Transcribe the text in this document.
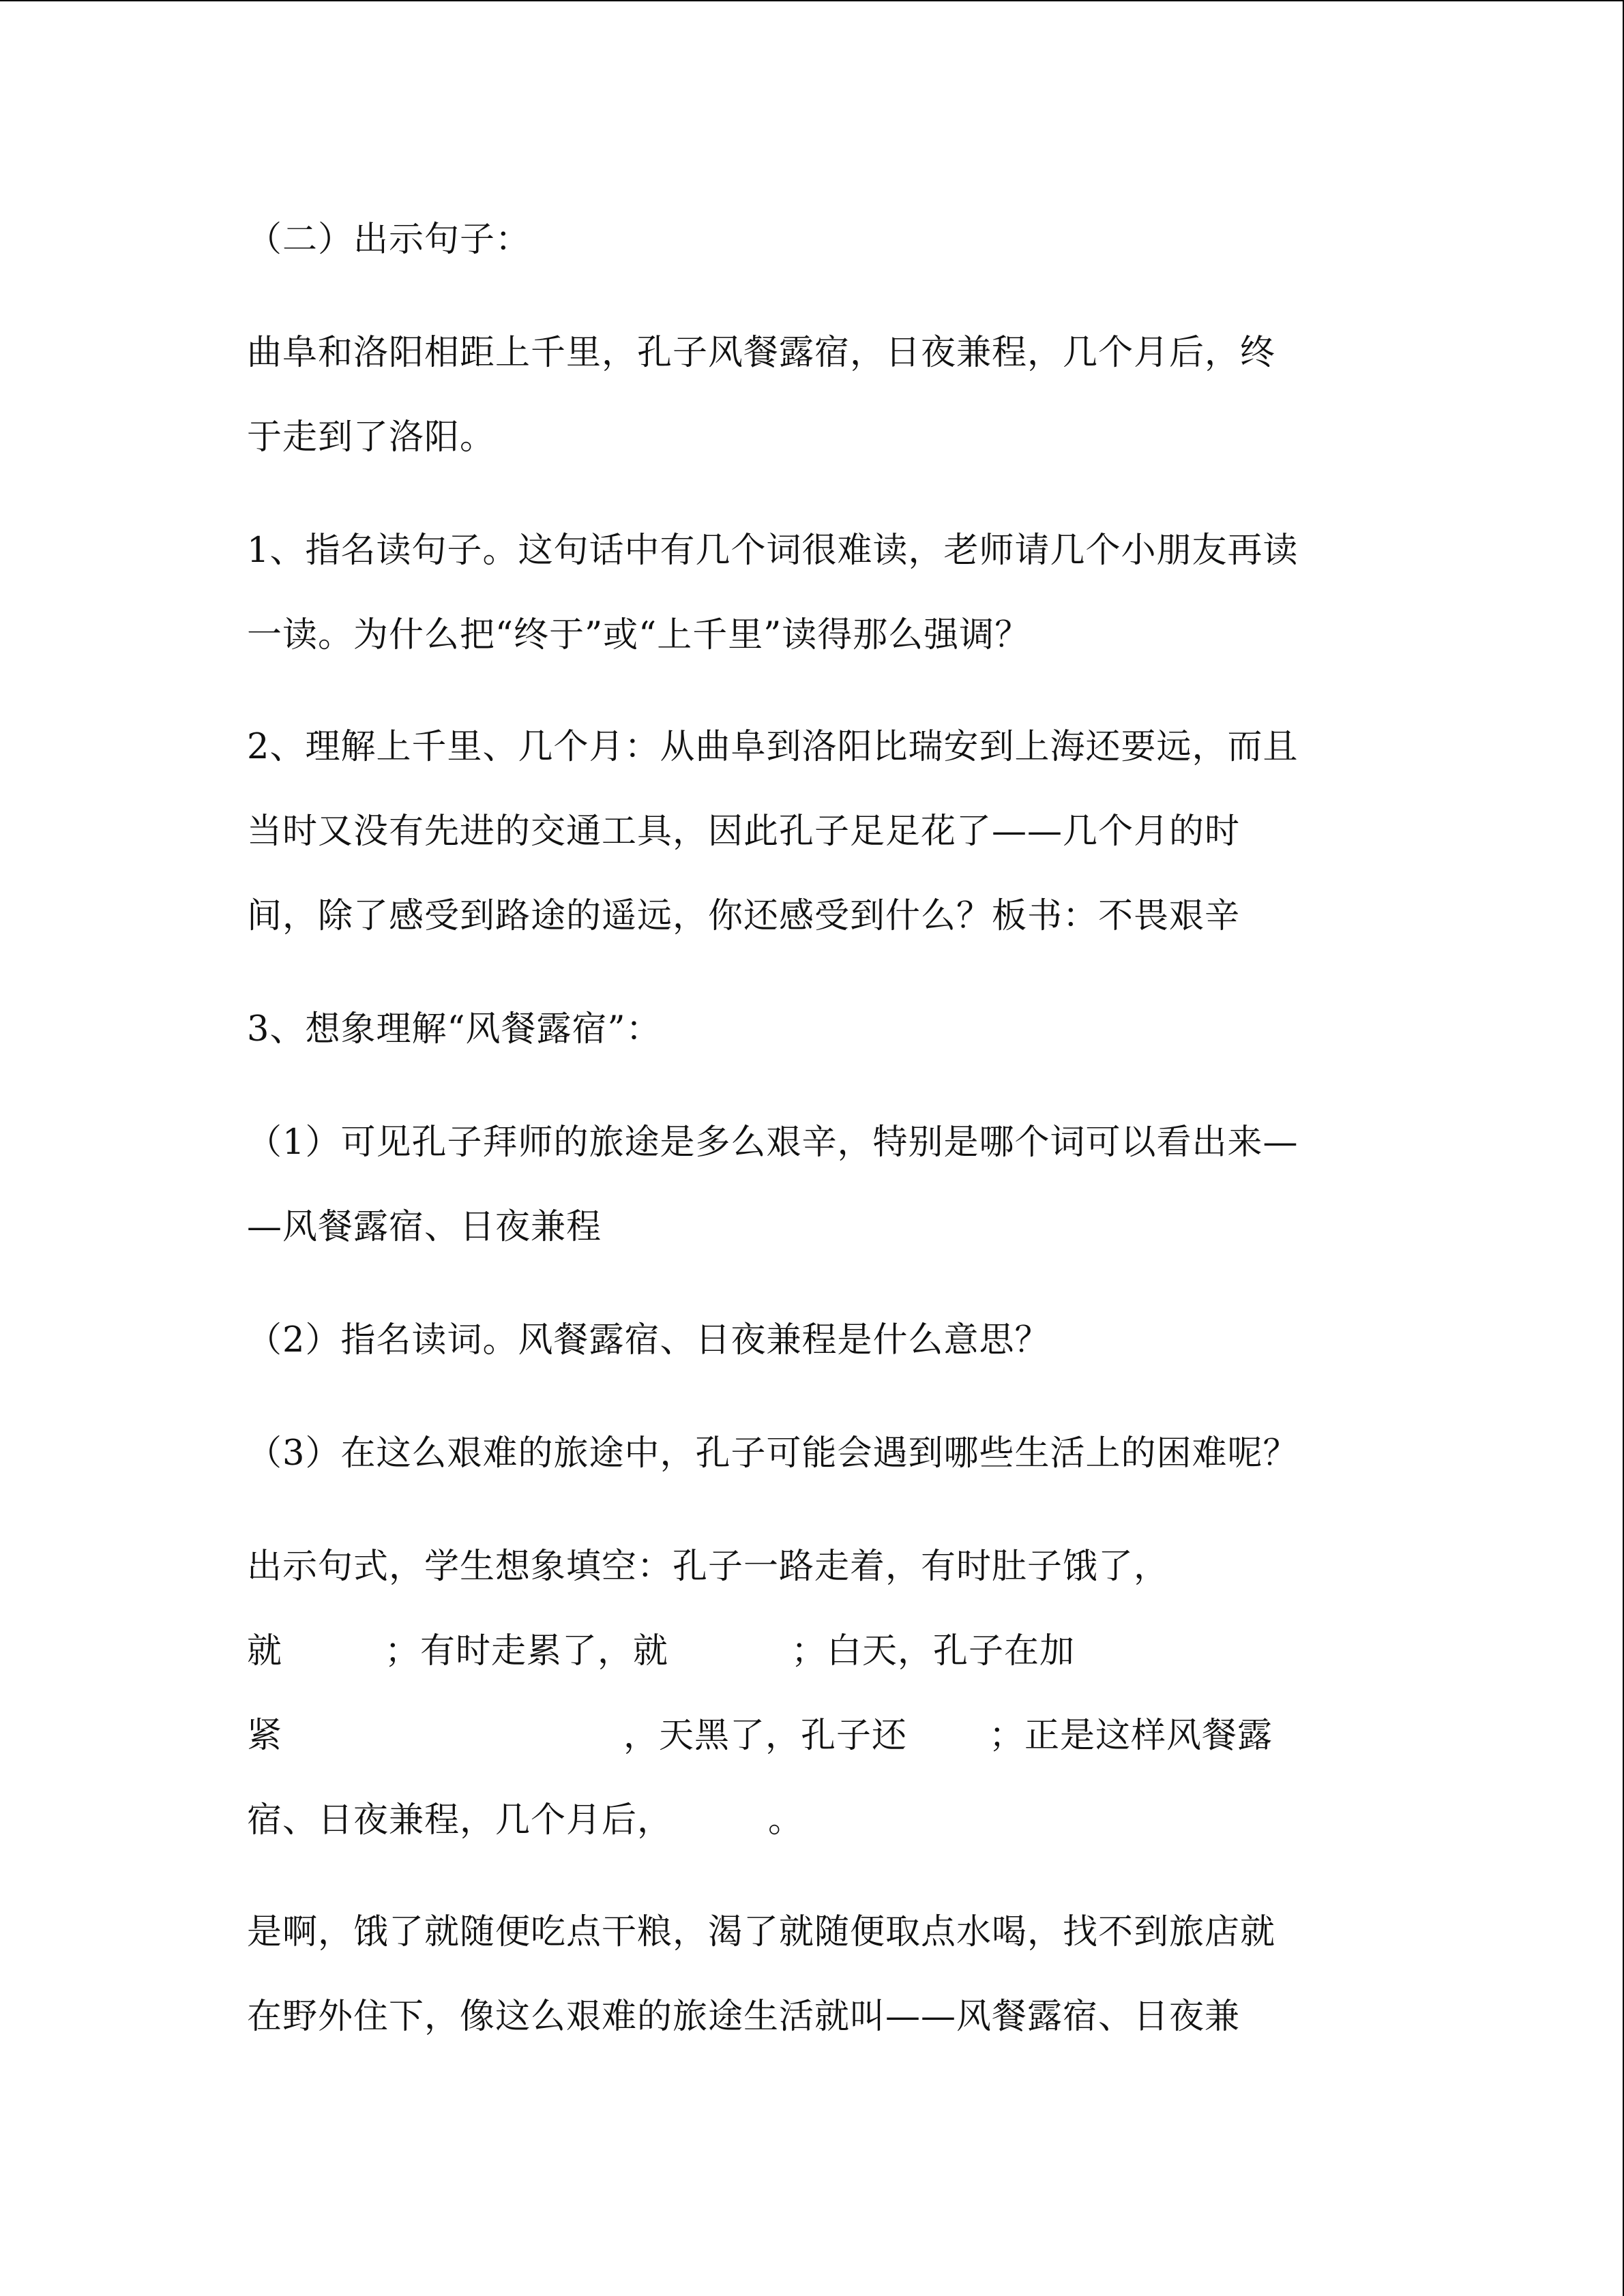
（二）出示句子：
曲阜和洛阳相距上千里，孔子风餐露宿，日夜兼程，几个月后，终
于走到了洛阳。
1、指名读句子。这句话中有几个词很难读，老师请几个小朋友再读
一读。为什么把“终于”或“上千里”读得那么强调？
2、理解上千里、几个月：从曲阜到洛阳比瑞安到上海还要远，而且
当时又没有先进的交通工具，因此孔子足足花了——几个月的时
间，除了感受到路途的遥远，你还感受到什么？板书：不畏艰辛
3、想象理解“风餐露宿”：
（1）可见孔子拜师的旅途是多么艰辛，特别是哪个词可以看出来—
—风餐露宿、日夜兼程
（2）指名读词。风餐露宿、日夜兼程是什么意思？
（3）在这么艰难的旅途中，孔子可能会遇到哪些生活上的困难呢？
出示句式，学生想象填空：孔子一路走着，有时肚子饿了，
就	；有时走累了，就	；白天，孔子在加
紧	，天黑了，孔子还 ；正是这样风餐露
宿、日夜兼程，几个月后，	。
是啊，饿了就随便吃点干粮，渴了就随便取点水喝，找不到旅店就
在野外住下，像这么艰难的旅途生活就叫——风餐露宿、日夜兼
